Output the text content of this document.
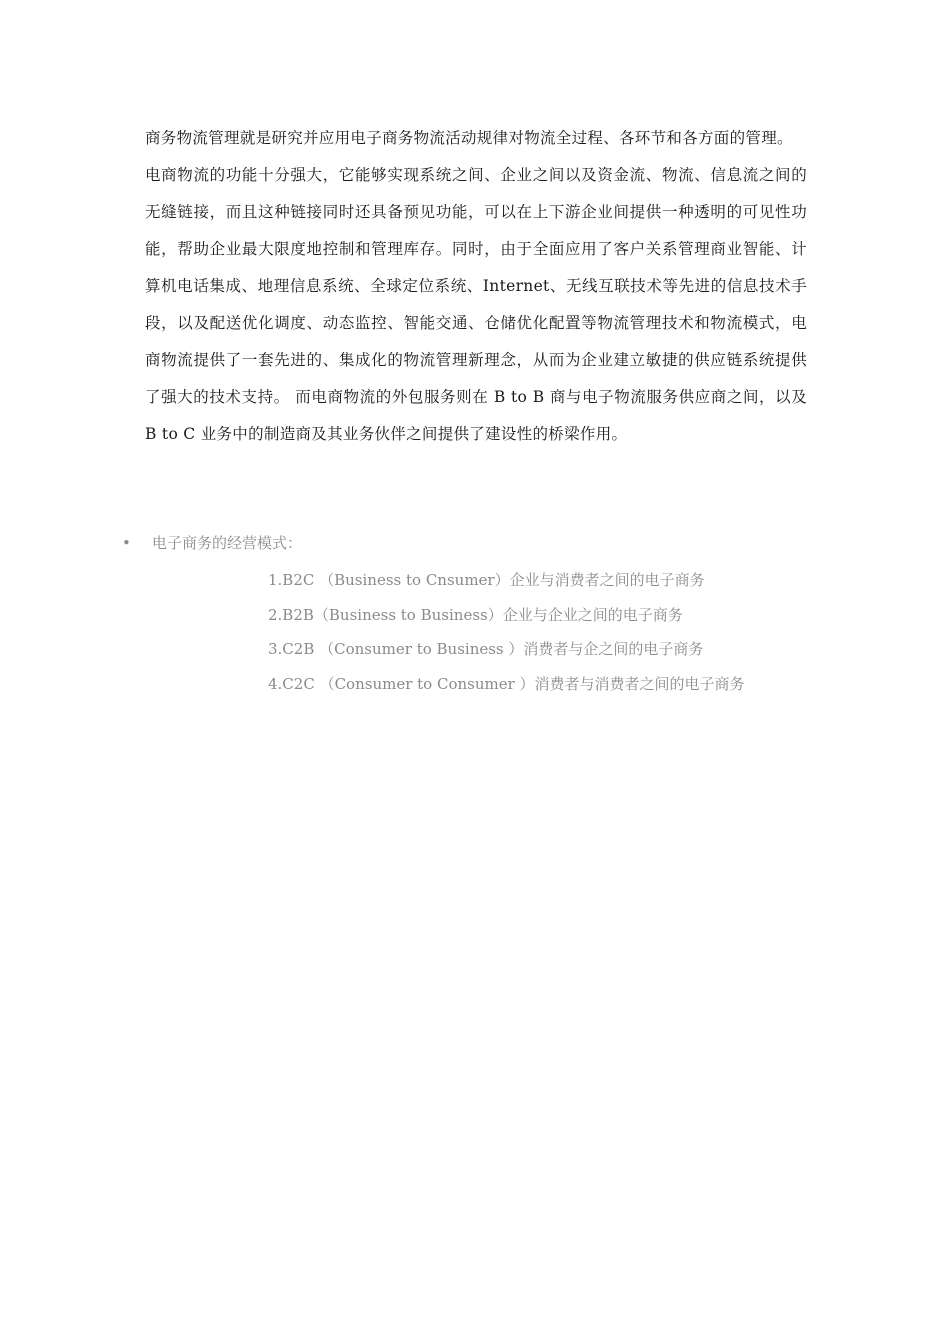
商务物流管理就是研究并应用电子商务物流活动规律对物流全过程、各环节和各方面的管理。

电商物流的功能十分强大，它能够实现系统之间、企业之间以及资金流、物流、信息流之间的无缝链接，而且这种链接同时还具备预见功能，可以在上下游企业间提供一种透明的可见性功能，帮助企业最大限度地控制和管理库存。同时，由于全面应用了客户关系管理商业智能、计算机电话集成、地理信息系统、全球定位系统、Internet、无线互联技术等先进的信息技术手段，以及配送优化调度、动态监控、智能交通、仓储优化配置等物流管理技术和物流模式，电商物流提供了一套先进的、集成化的物流管理新理念，从而为企业建立敏捷的供应链系统提供了强大的技术支持。 而电商物流的外包服务则在 B to B 商与电子物流服务供应商之间，以及 B to C 业务中的制造商及其业务伙伴之间提供了建设性的桥梁作用。

• 电子商务的经营模式：
1.B2C （Business to Cnsumer）企业与消费者之间的电子商务
2.B2B（Business to Business）企业与企业之间的电子商务
3.C2B （Consumer to Business ）消费者与企之间的电子商务
4.C2C （Consumer to Consumer ）消费者与消费者之间的电子商务
